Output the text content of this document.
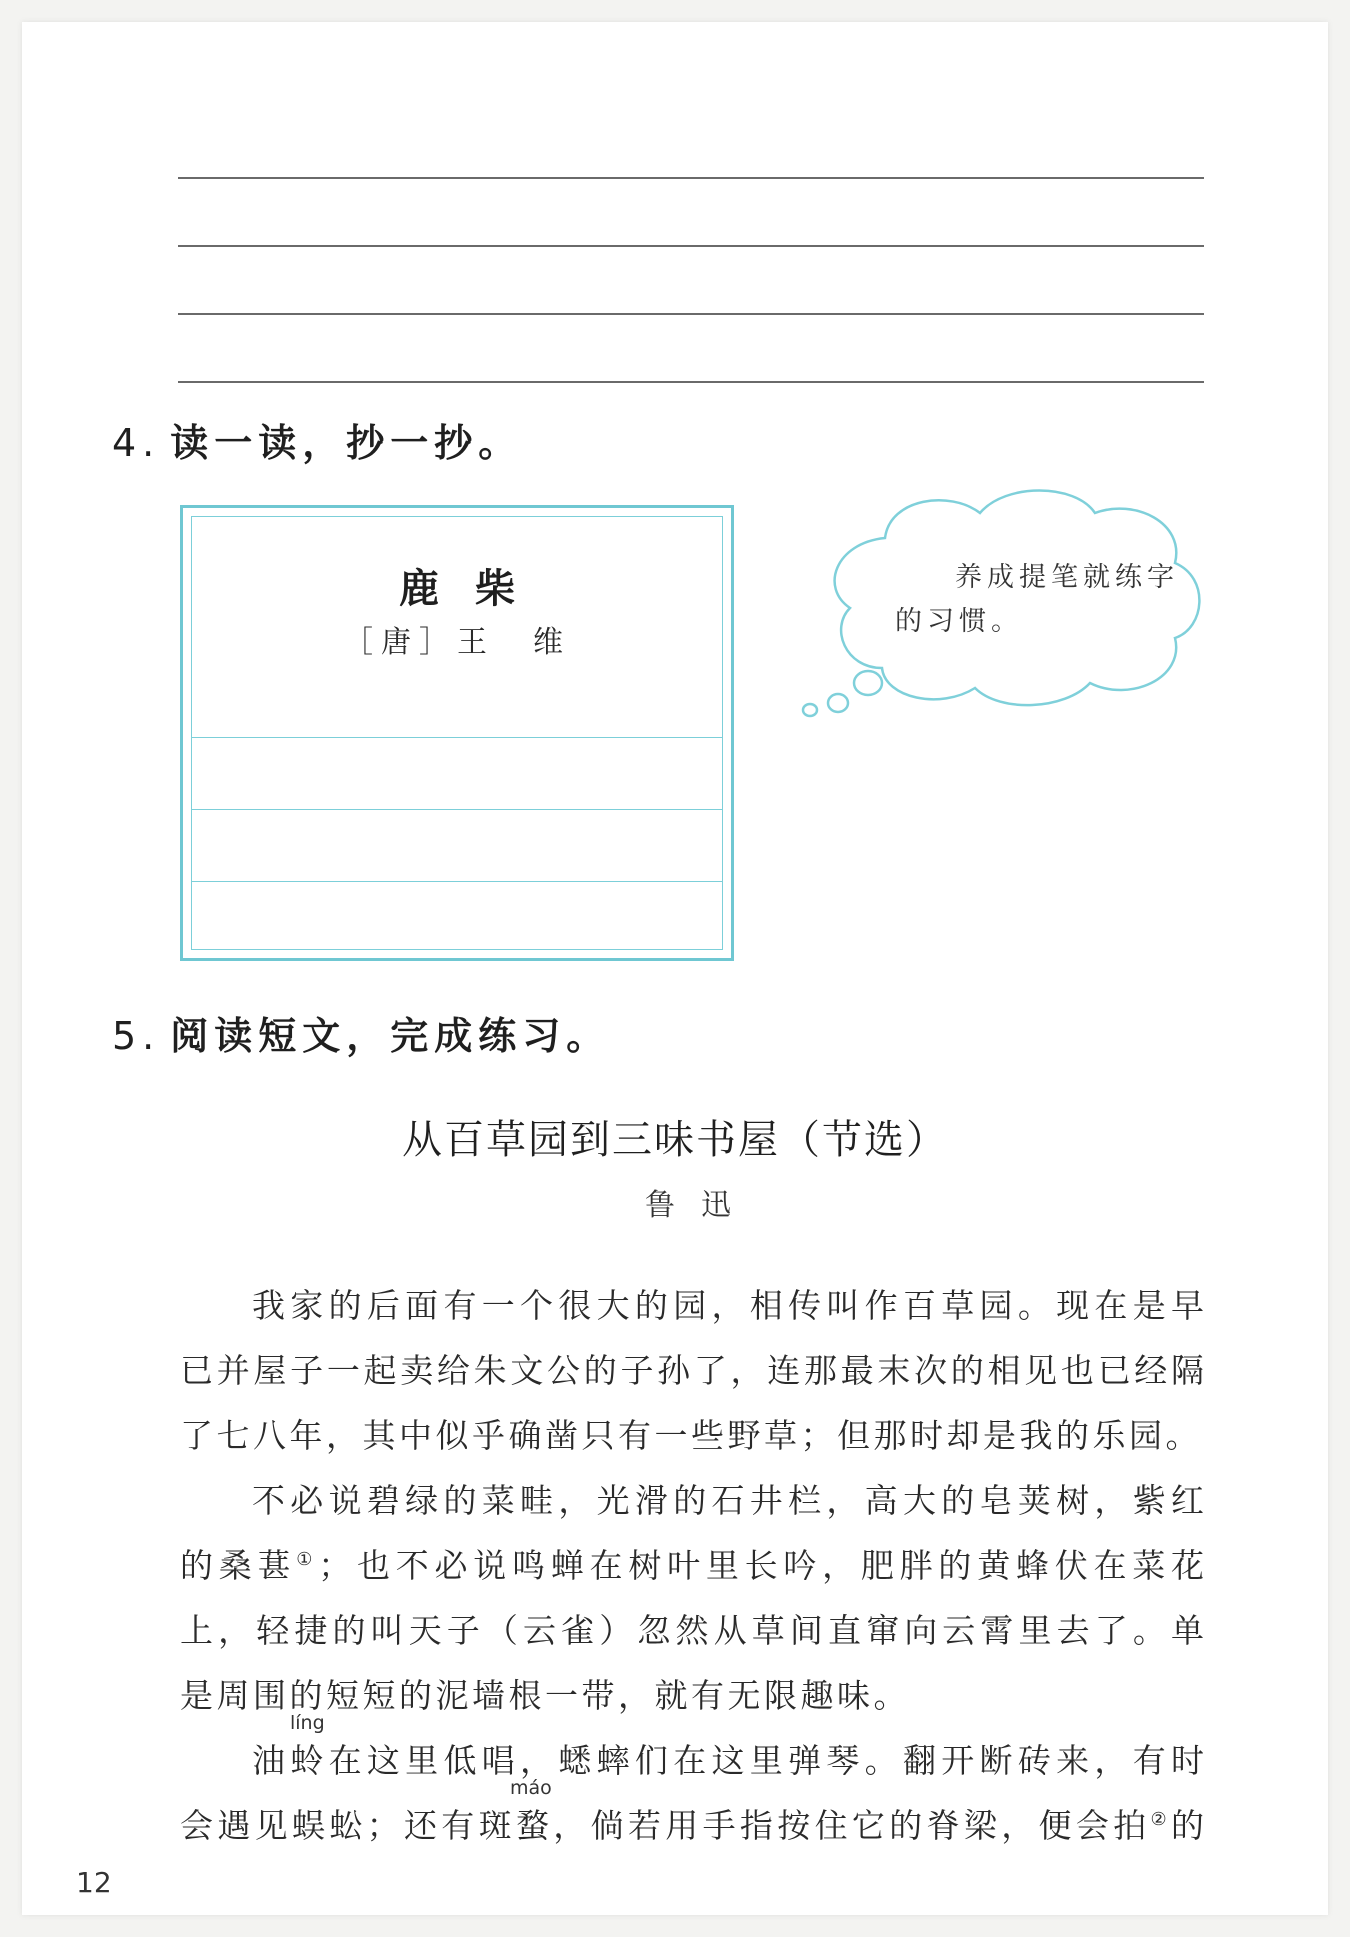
4. 读一读，抄一抄。
鹿柴
［唐］王　维
养成提笔就练字
的习惯。
5. 阅读短文，完成练习。
从百草园到三味书屋（节选）
鲁迅
我家的后面有一个很大的园，相传叫作百草园。现在是早
已并屋子一起卖给朱文公的子孙了，连那最末次的相见也已经隔
了七八年，其中似乎确凿只有一些野草；但那时却是我的乐园。
不必说碧绿的菜畦，光滑的石井栏，高大的皂荚树，紫红
的桑葚①；也不必说鸣蝉在树叶里长吟，肥胖的黄蜂伏在菜花
上，轻捷的叫天子（云雀）忽然从草间直窜向云霄里去了。单
是周围的短短的泥墙根一带，就有无限趣味。
líng
油蛉在这里低唱，蟋蟀们在这里弹琴。翻开断砖来，有时
máo
会遇见蜈蚣；还有斑蝥，倘若用手指按住它的脊梁，便会拍②的
12
